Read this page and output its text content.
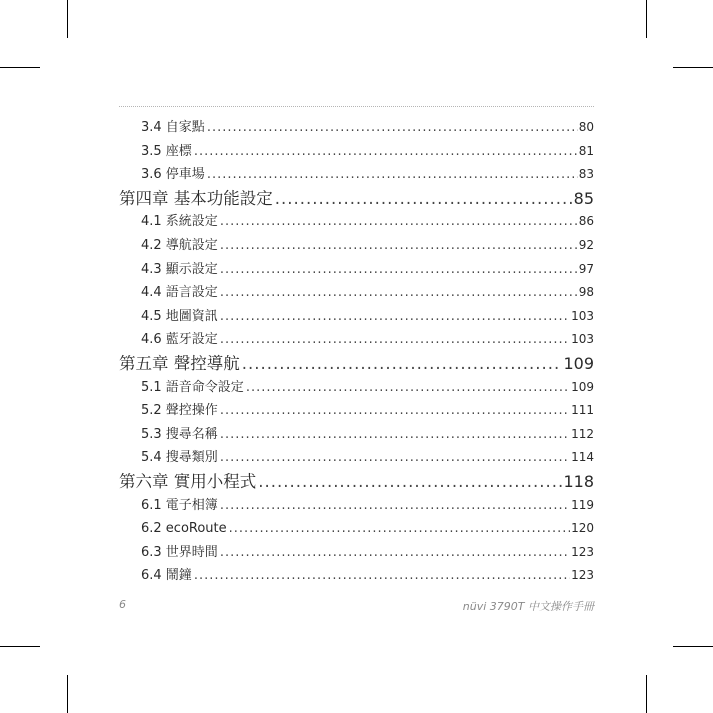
3.4 自家點 .....	80
3.5 座標 .....	81
3.6 停車場 .....	83
第四章 基本功能設定 .....	85
4.1 系統設定 .....	86
4.2 導航設定 .....	92
4.3 顯示設定 .....	97
4.4 語言設定 .....	98
4.5 地圖資訊 .....	103
4.6 藍牙設定 .....	103
第五章 聲控導航 .....	109
5.1 語音命令設定 .....	109
5.2 聲控操作 .....	111
5.3 搜尋名稱 .....	112
5.4 搜尋類別 .....	114
第六章 實用小程式 .....	118
6.1 電子相簿 .....	119
6.2 ecoRoute .....	120
6.3 世界時間 .....	123
6.4 鬧鐘 .....	123
6	nüvi 3790T 中文操作手冊
